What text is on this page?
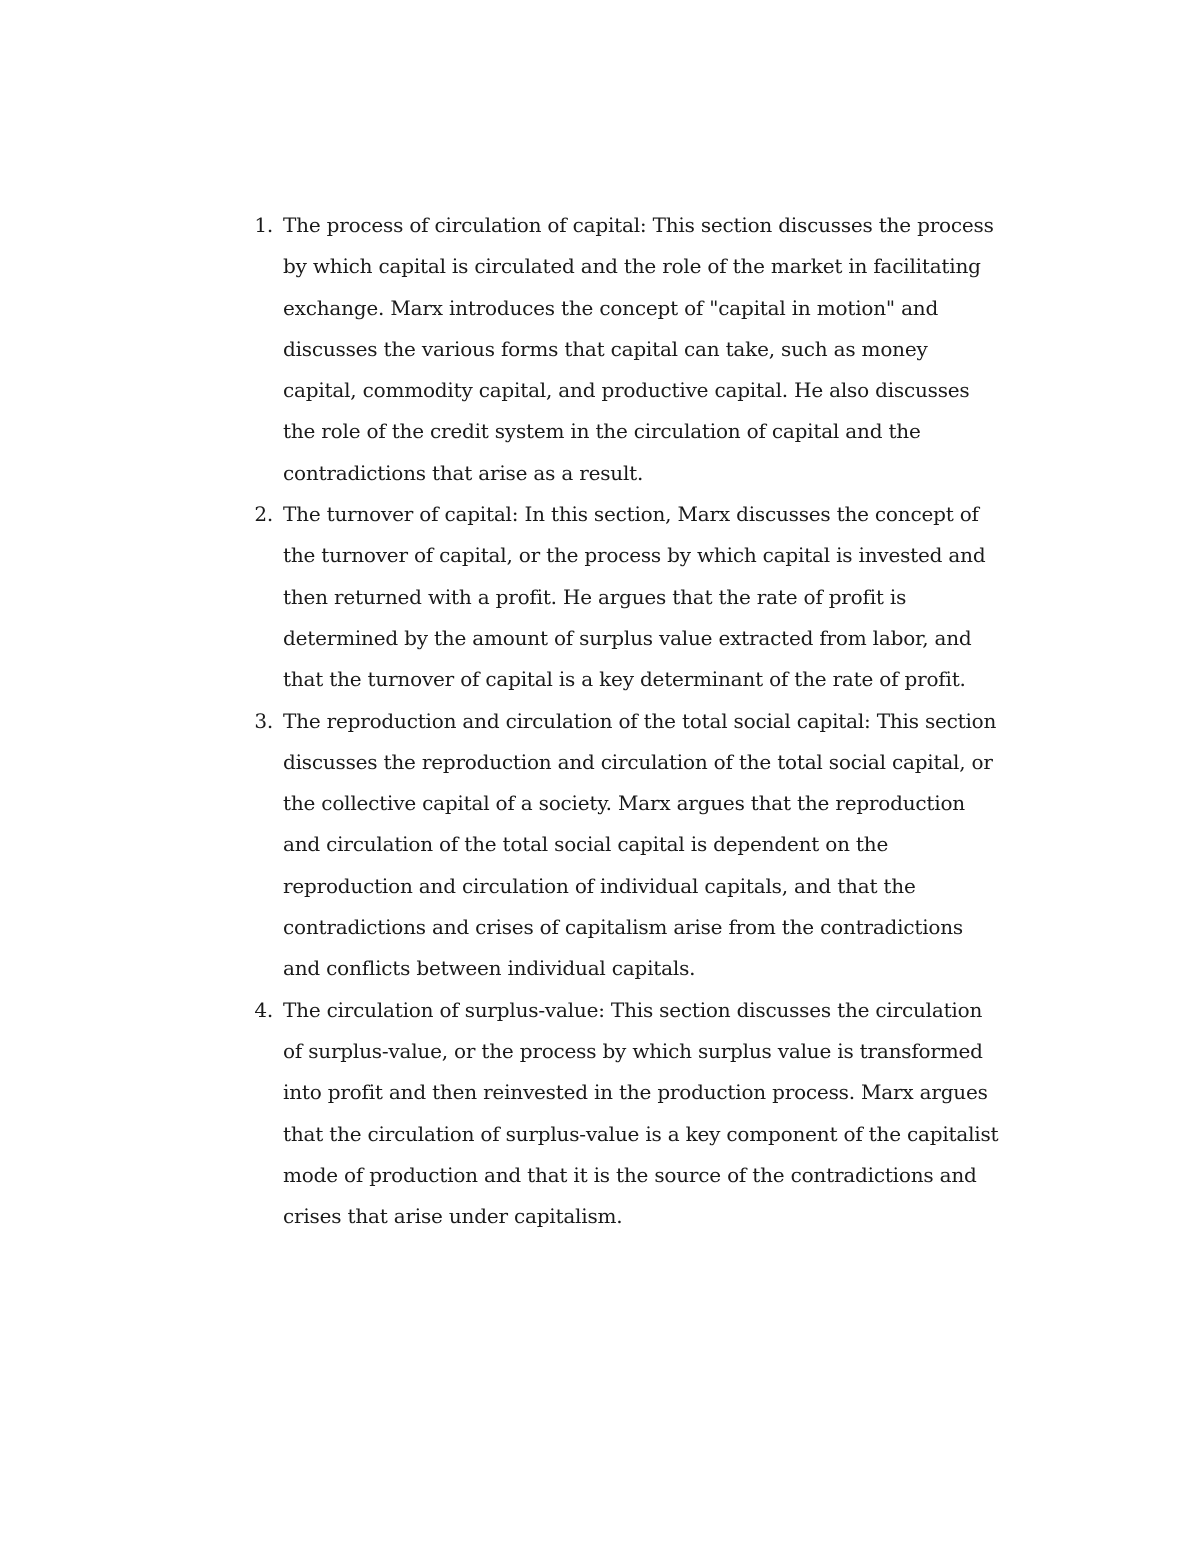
1. The process of circulation of capital: This section discusses the process by which capital is circulated and the role of the market in facilitating exchange. Marx introduces the concept of "capital in motion" and discusses the various forms that capital can take, such as money capital, commodity capital, and productive capital. He also discusses the role of the credit system in the circulation of capital and the contradictions that arise as a result.
2. The turnover of capital: In this section, Marx discusses the concept of the turnover of capital, or the process by which capital is invested and then returned with a profit. He argues that the rate of profit is determined by the amount of surplus value extracted from labor, and that the turnover of capital is a key determinant of the rate of profit.
3. The reproduction and circulation of the total social capital: This section discusses the reproduction and circulation of the total social capital, or the collective capital of a society. Marx argues that the reproduction and circulation of the total social capital is dependent on the reproduction and circulation of individual capitals, and that the contradictions and crises of capitalism arise from the contradictions and conflicts between individual capitals.
4. The circulation of surplus-value: This section discusses the circulation of surplus-value, or the process by which surplus value is transformed into profit and then reinvested in the production process. Marx argues that the circulation of surplus-value is a key component of the capitalist mode of production and that it is the source of the contradictions and crises that arise under capitalism.
